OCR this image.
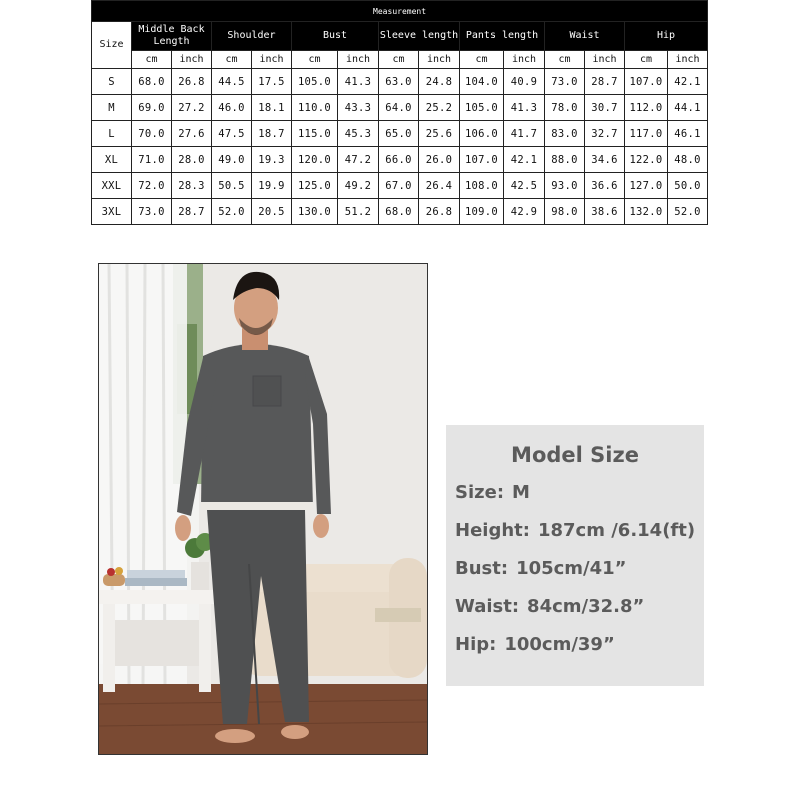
Measurement														
Size	Middle Back Length		Shoulder		Bust		Sleeve length		Pants length		Waist		Hip	
	cm	inch	cm	inch	cm	inch	cm	inch	cm	inch	cm	inch	cm	inch
S	68.0	26.8	44.5	17.5	105.0	41.3	63.0	24.8	104.0	40.9	73.0	28.7	107.0	42.1
M	69.0	27.2	46.0	18.1	110.0	43.3	64.0	25.2	105.0	41.3	78.0	30.7	112.0	44.1
L	70.0	27.6	47.5	18.7	115.0	45.3	65.0	25.6	106.0	41.7	83.0	32.7	117.0	46.1
XL	71.0	28.0	49.0	19.3	120.0	47.2	66.0	26.0	107.0	42.1	88.0	34.6	122.0	48.0
XXL	72.0	28.3	50.5	19.9	125.0	49.2	67.0	26.4	108.0	42.5	93.0	36.6	127.0	50.0
3XL	73.0	28.7	52.0	20.5	130.0	51.2	68.0	26.8	109.0	42.9	98.0	38.6	132.0	52.0
Model Size
Size: M
Height: 187cm /6.14(ft)
Bust: 105cm/41”
Waist: 84cm/32.8”
Hip: 100cm/39”
